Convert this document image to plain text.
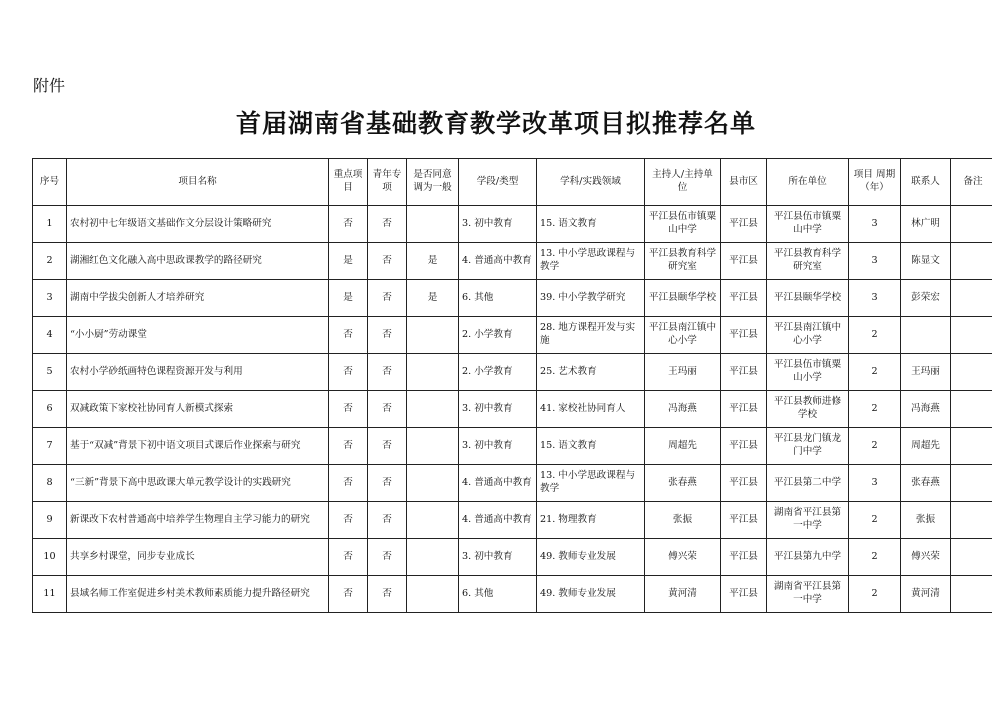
附件
首届湖南省基础教育教学改革项目拟推荐名单
序号	项目名称	重点项目	青年专项	是否同意调为一般	学段/类型	学科/实践领域	主持人/主持单位	县市区	所在单位	项目 周期（年）	联系人	备注
1	农村初中七年级语文基础作文分层设计策略研究	否	否		3. 初中教育	15. 语文教育	平江县伍市镇粟山中学	平江县	平江县伍市镇粟山中学	3	林广明	
2	湖湘红色文化融入高中思政课教学的路径研究	是	否	是	4. 普通高中教育	13. 中小学思政课程与教学	平江县教育科学研究室	平江县	平江县教育科学研究室	3	陈显文	
3	湖南中学拔尖创新人才培养研究	是	否	是	6. 其他	39. 中小学教学研究	平江县颐华学校	平江县	平江县颐华学校	3	彭荣宏	
4	“小小厨”劳动课堂	否	否		2. 小学教育	28. 地方课程开发与实施	平江县南江镇中心小学	平江县	平江县南江镇中心小学	2		
5	农村小学砂纸画特色课程资源开发与利用	否	否		2. 小学教育	25. 艺术教育	王玛丽	平江县	平江县伍市镇粟山小学	2	王玛丽	
6	双减政策下家校社协同育人新模式探索	否	否		3. 初中教育	41. 家校社协同育人	冯海燕	平江县	平江县教师进修学校	2	冯海燕	
7	基于“双减”背景下初中语文项目式课后作业探索与研究	否	否		3. 初中教育	15. 语文教育	周超先	平江县	平江县龙门镇龙门中学	2	周超先	
8	“三新”背景下高中思政课大单元教学设计的实践研究	否	否		4. 普通高中教育	13. 中小学思政课程与教学	张春燕	平江县	平江县第二中学	3	张春燕	
9	新课改下农村普通高中培养学生物理自主学习能力的研究	否	否		4. 普通高中教育	21. 物理教育	张振	平江县	湖南省平江县第一中学	2	张振	
10	共享乡村课堂，同步专业成长	否	否		3. 初中教育	49. 教师专业发展	傅兴荣	平江县	平江县第九中学	2	傅兴荣	
11	县域名师工作室促进乡村美术教师素质能力提升路径研究	否	否		6. 其他	49. 教师专业发展	黄河清	平江县	湖南省平江县第一中学	2	黄河清	
